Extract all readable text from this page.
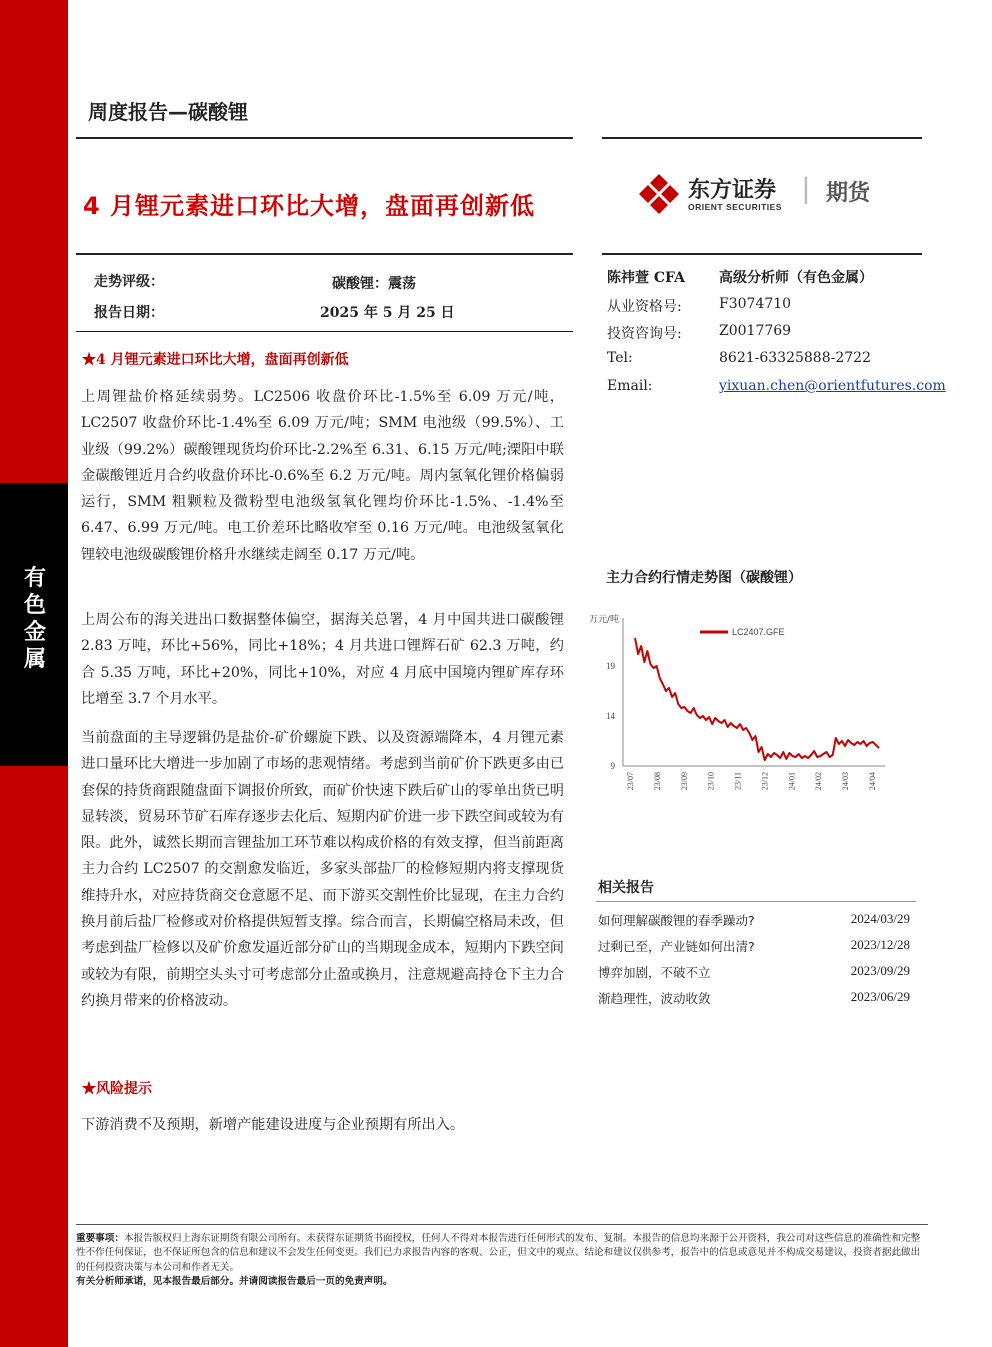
有色金属
周度报告—碳酸锂
4 月锂元素进口环比大增，盘面再创新低
东方证券
ORIENT SECURITIES
| 期货
走势评级：	碳酸锂：震荡
报告日期：	2025 年 5 月 25 日
★4 月锂元素进口环比大增，盘面再创新低

上周锂盐价格延续弱势。LC2506 收盘价环比-1.5%至 6.09 万元/吨，LC2507 收盘价环比-1.4%至 6.09 万元/吨；SMM 电池级（99.5%）、工业级（99.2%）碳酸锂现货均价环比-2.2%至 6.31、6.15 万元/吨;溧阳中联金碳酸锂近月合约收盘价环比-0.6%至 6.2 万元/吨。周内氢氧化锂价格偏弱运行，SMM 粗颗粒及微粉型电池级氢氧化锂均价环比-1.5%、-1.4%至 6.47、6.99 万元/吨。电工价差环比略收窄至 0.16 万元/吨。电池级氢氧化锂较电池级碳酸锂价格升水继续走阔至 0.17 万元/吨。

上周公布的海关进出口数据整体偏空，据海关总署，4 月中国共进口碳酸锂 2.83 万吨，环比+56%，同比+18%；4 月共进口锂辉石矿 62.3 万吨，约合 5.35 万吨，环比+20%，同比+10%，对应 4 月底中国境内锂矿库存环比增至 3.7 个月水平。

当前盘面的主导逻辑仍是盐价-矿价螺旋下跌、以及资源端降本，4 月锂元素进口量环比大增进一步加剧了市场的悲观情绪。考虑到当前矿价下跌更多由已套保的持货商跟随盘面下调报价所致，而矿价快速下跌后矿山的零单出货已明显转淡，贸易环节矿石库存逐步去化后、短期内矿价进一步下跌空间或较为有限。此外，诚然长期而言锂盐加工环节难以构成价格的有效支撑，但当前距离主力合约 LC2507 的交割愈发临近，多家头部盐厂的检修短期内将支撑现货维持升水，对应持货商交仓意愿不足、而下游买交割性价比显现，在主力合约换月前后盐厂检修或对价格提供短暂支撑。综合而言，长期偏空格局未改，但考虑到盐厂检修以及矿价愈发逼近部分矿山的当期现金成本，短期内下跌空间或较为有限，前期空头头寸可考虑部分止盈或换月，注意规避高持仓下主力合约换月带来的价格波动。

★风险提示

下游消费不及预期，新增产能建设进度与企业预期有所出入。

陈祎萱 CFA 高级分析师（有色金属）
从业资格号:	F3074710
投资咨询号:	Z0017769
Tel:	8621-63325888-2722
Email:	yixuan.chen@orientfutures.com
主力合约行情走势图（碳酸锂）
万元/吨
9
14
19
23/07 23/08 23/09 23/10 23/11 23/12 24/01 24/02 24/03 24/04
LC2407.GFE
相关报告
如何理解碳酸锂的春季躁动?	2024/03/29
过剩已至，产业链如何出清?	2023/12/28
博弈加剧，不破不立	2023/09/29
渐趋理性，波动收敛	2023/06/29

重要事项：本报告版权归上海东证期货有限公司所有。未获得东证期货书面授权，任何人不得对本报告进行任何形式的发布、复制。本报告的信息均来源于公开资料，我公司对这些信息的准确性和完整性不作任何保证，也不保证所包含的信息和建议不会发生任何变更。我们已力求报告内容的客观、公正，但文中的观点、结论和建议仅供参考，报告中的信息或意见并不构成交易建议，投资者据此做出的任何投资决策与本公司和作者无关。
有关分析师承诺，见本报告最后部分。并请阅读报告最后一页的免责声明。
